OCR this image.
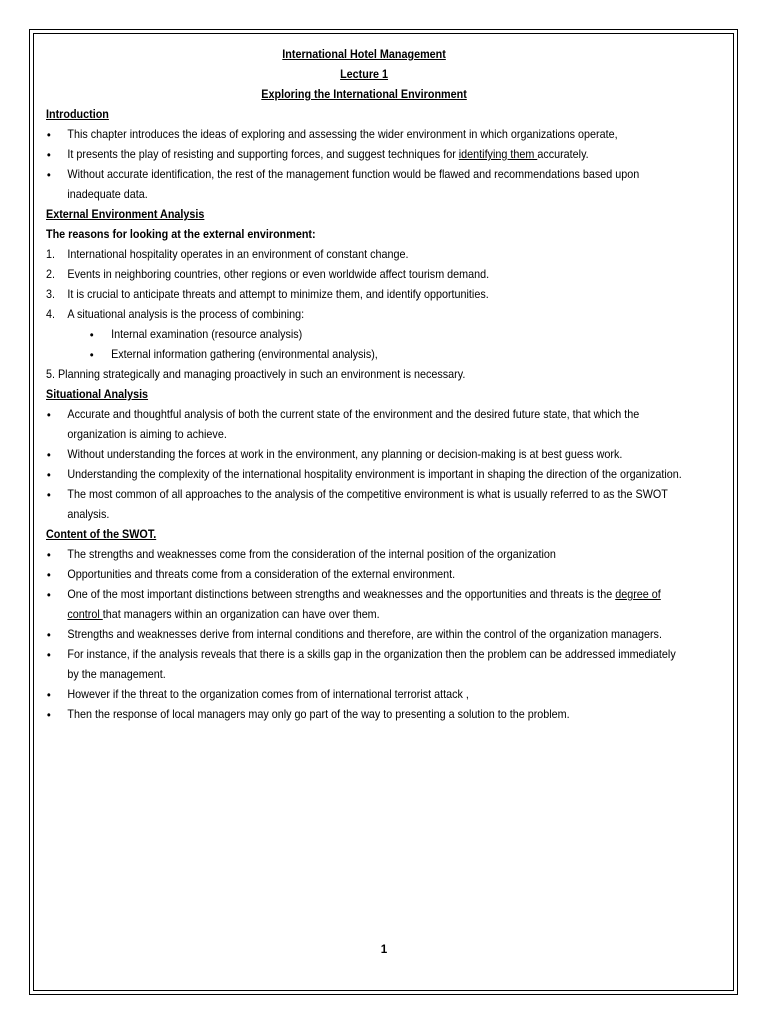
International Hotel Management

Lecture 1

Exploring the International Environment

Introduction

• This chapter introduces the ideas of exploring and assessing the wider environment in which organizations operate,

• It presents the play of resisting and supporting forces, and suggest techniques for identifying them accurately.

• Without accurate identification, the rest of the management function would be flawed and recommendations based upon inadequate data.

External Environment Analysis

The reasons for looking at the external environment:

1. International hospitality operates in an environment of constant change.

2. Events in neighboring countries, other regions or even worldwide affect tourism demand.

3. It is crucial to anticipate threats and attempt to minimize them, and identify opportunities.

4. A situational analysis is the process of combining:

• Internal examination (resource analysis)

• External information gathering (environmental analysis),

5. Planning strategically and managing proactively in such an environment is necessary.

Situational Analysis

• Accurate and thoughtful analysis of both the current state of the environment and the desired future state, that which the organization is aiming to achieve.

• Without understanding the forces at work in the environment, any planning or decision-making is at best guess work.

• Understanding the complexity of the international hospitality environment is important in shaping the direction of the organization.

• The most common of all approaches to the analysis of the competitive environment is what is usually referred to as the SWOT analysis.

Content of the SWOT.

• The strengths and weaknesses come from the consideration of the internal position of the organization

• Opportunities and threats come from a consideration of the external environment.

• One of the most important distinctions between strengths and weaknesses and the opportunities and threats is the degree of control that managers within an organization can have over them.

• Strengths and weaknesses derive from internal conditions and therefore, are within the control of the organization managers.

• For instance, if the analysis reveals that there is a skills gap in the organization then the problem can be addressed immediately by the management.

• However if the threat to the organization comes from of international terrorist attack ,

• Then the response of local managers may only go part of the way to presenting a solution to the problem.

1
